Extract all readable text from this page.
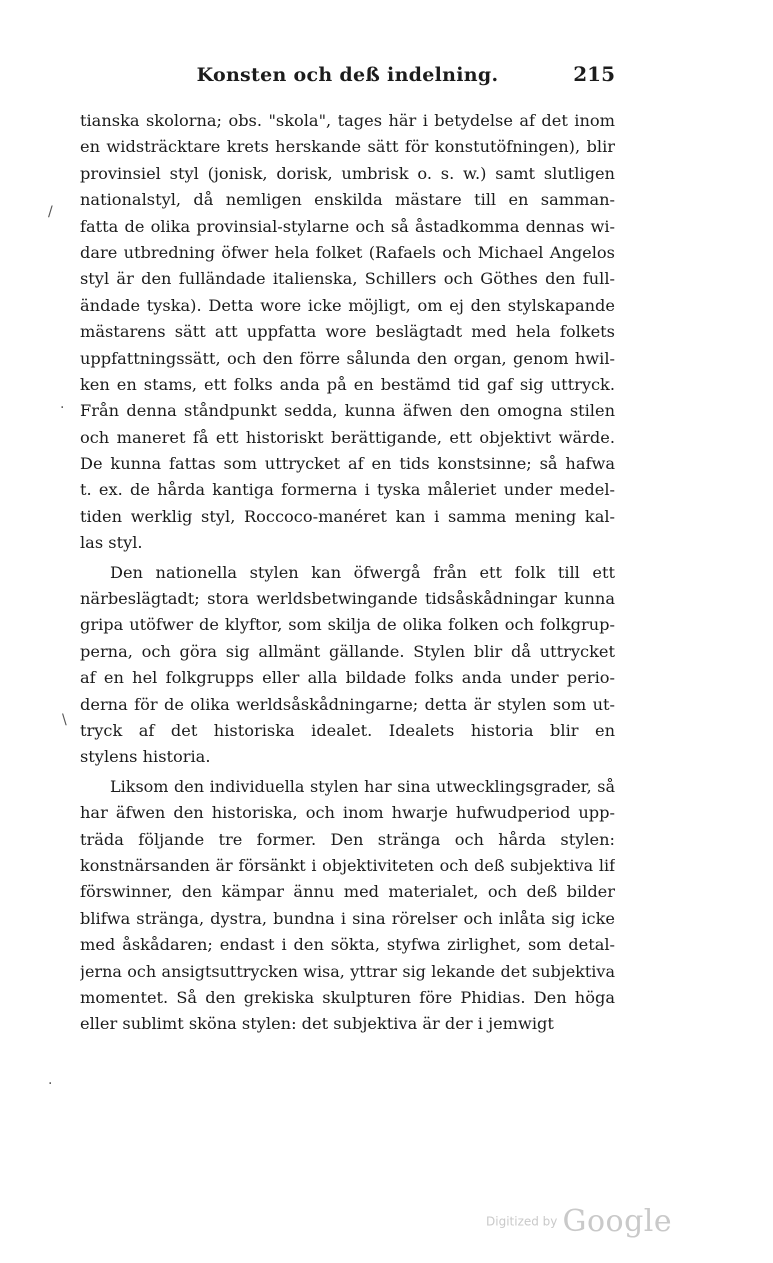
Konsten och deß indelning.	215
/
·
\
·
tianska skolorna; obs. "skola", tages här i betydelse af det inom
en widsträcktare krets herskande sätt för konstutöfningen), blir
provinsiel styl (jonisk, dorisk, umbrisk o. s. w.) samt slutligen
nationalstyl, då nemligen enskilda mästare till en samman-
fatta de olika provinsial-stylarne och så åstadkomma dennas wi-
dare utbredning öfwer hela folket (Rafaels och Michael Angelos
styl är den fulländade italienska, Schillers och Göthes den full-
ändade tyska). Detta wore icke möjligt, om ej den stylskapande
mästarens sätt att uppfatta wore beslägtadt med hela folkets
uppfattningssätt, och den förre sålunda den organ, genom hwil-
ken en stams, ett folks anda på en bestämd tid gaf sig uttryck.
Från denna ståndpunkt sedda, kunna äfwen den omogna stilen
och maneret få ett historiskt berättigande, ett objektivt wärde.
De kunna fattas som uttrycket af en tids konstsinne; så hafwa
t. ex. de hårda kantiga formerna i tyska måleriet under medel-
tiden werklig styl, Roccoco-manéret kan i samma mening kal-
las styl.
Den nationella stylen kan öfwergå från ett folk till ett
närbeslägtadt; stora werldsbetwingande tidsåskådningar kunna
gripa utöfwer de klyftor, som skilja de olika folken och folkgrup-
perna, och göra sig allmänt gällande. Stylen blir då uttrycket
af en hel folkgrupps eller alla bildade folks anda under perio-
derna för de olika werldsåskådningarne; detta är stylen som ut-
tryck af det historiska idealet. Idealets historia blir en
stylens historia.
Liksom den individuella stylen har sina utwecklingsgrader, så
har äfwen den historiska, och inom hwarje hufwudperiod upp-
träda följande tre former. Den stränga och hårda stylen:
konstnärsanden är försänkt i objektiviteten och deß subjektiva lif
förswinner, den kämpar ännu med materialet, och deß bilder
blifwa stränga, dystra, bundna i sina rörelser och inlåta sig icke
med åskådaren; endast i den sökta, styfwa zirlighet, som detal-
jerna och ansigtsuttrycken wisa, yttrar sig lekande det subjektiva
momentet. Så den grekiska skulpturen före Phidias. Den höga
eller sublimt sköna stylen: det subjektiva är der i jemwigt
Digitized by Google
